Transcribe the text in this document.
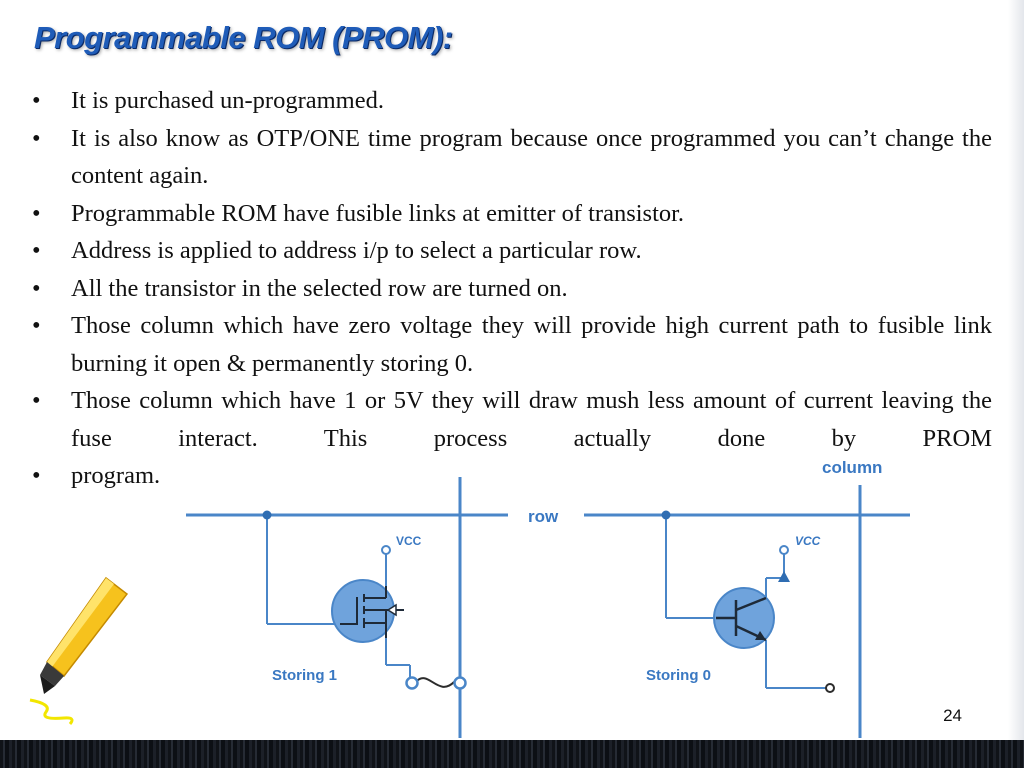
Programmable ROM (PROM):
• It is purchased un-programmed.
• It is also know as OTP/ONE time program because once programmed you can’t change the content again.
• Programmable ROM have fusible links at emitter of transistor.
• Address is applied to address i/p to select a particular row.
• All the transistor in the selected row are turned on.
• Those column which have zero voltage they will provide high current path to fusible link burning it open & permanently storing 0.
• Those column which have 1 or 5V they will draw mush less amount of current leaving the fuse interact. This process actually done by PROM
• program.	column
row
VCC	VCC
Storing 1	Storing 0
24
